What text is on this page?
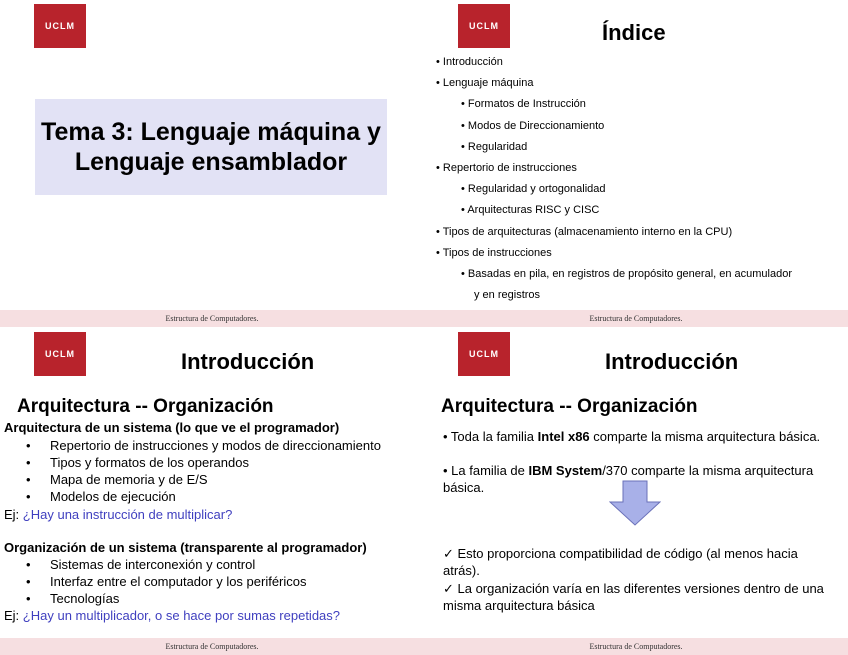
UCLM
Tema 3: Lenguaje máquina y Lenguaje ensamblador
Estructura de Computadores.
UCLM	Índice
• Introducción
• Lenguaje máquina
• Formatos de Instrucción
• Modos de Direccionamiento
• Regularidad
• Repertorio de instrucciones
• Regularidad y ortogonalidad
• Arquitecturas RISC y CISC
• Tipos de arquitecturas (almacenamiento interno en la CPU)
• Tipos de instrucciones
• Basadas en pila, en registros de propósito general, en acumulador
y en registros
Estructura de Computadores.
UCLM	Introducción
Arquitectura -- Organización
Arquitectura de un sistema (lo que ve el programador)
• Repertorio de instrucciones y modos de direccionamiento
• Tipos y formatos de los operandos
• Mapa de memoria y de E/S
• Modelos de ejecución
Ej: ¿Hay una instrucción de multiplicar?
Organización de un sistema (transparente al programador)
• Sistemas de interconexión y control
• Interfaz entre el computador y los periféricos
• Tecnologías
Ej: ¿Hay un multiplicador, o se hace por sumas repetidas?
Estructura de Computadores.
UCLM	Introducción
Arquitectura -- Organización
• Toda la familia Intel x86 comparte la misma arquitectura básica.
• La familia de IBM System/370 comparte la misma arquitectura básica.
✓ Esto proporciona compatibilidad de código (al menos hacia atrás).
✓ La organización varía en las diferentes versiones dentro de una misma arquitectura básica
Estructura de Computadores.
